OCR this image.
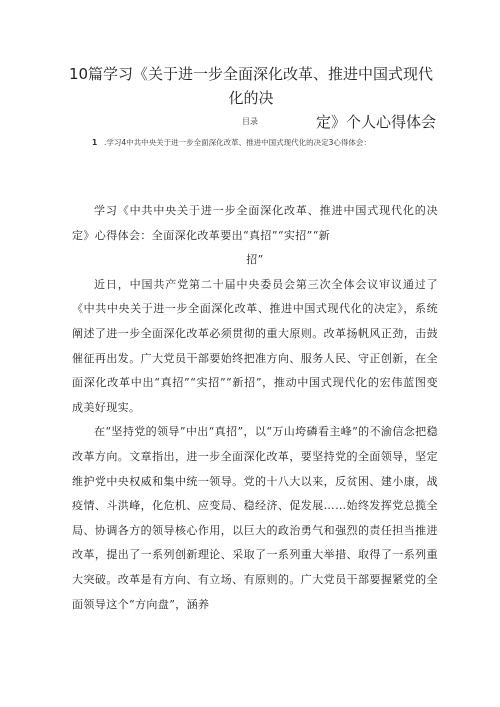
10篇学习《关于进一步全面深化改革、推进中国式现代化的决
定》个人心得体会
目录
1 .学习4中共中央关于进一步全面深化改革、推进中国式现代化的决定3心得体会：

学习《中共中央关于进一步全面深化改革、推进中国式现代化的决定》心得体会：全面深化改革要出“真招”“实招”“新

招”

近日，中国共产党第二十届中央委员会第三次全体会议审议通过了《中共中央关于进一步全面深化改革、推进中国式现代化的决定》，系统阐述了进一步全面深化改革必须贯彻的重大原则。改革扬帆风正劲，击鼓催征再出发。广大党员干部要始终把准方向、服务人民、守正创新，在全面深化改革中出“真招”“实招”“新招”，推动中国式现代化的宏伟蓝图变成美好现实。

在“坚持党的领导”中出“真招”，以“万山垮磷看主峰”的不渝信念把稳改革方向。文章指出，进一步全面深化改革，要坚持党的全面领导，坚定维护党中央权威和集中统一领导。党的十八大以来，反贫困、建小康，战疫情、斗洪峰，化危机、应变局、稳经济、促发展……始终发挥党总揽全局、协调各方的领导核心作用，以巨大的政治勇气和强烈的责任担当推进改革，提出了一系列创新理论、采取了一系列重大举措、取得了一系列重大突破。改革是有方向、有立场、有原则的。广大党员干部要握紧党的全面领导这个“方向盘”，涵养
